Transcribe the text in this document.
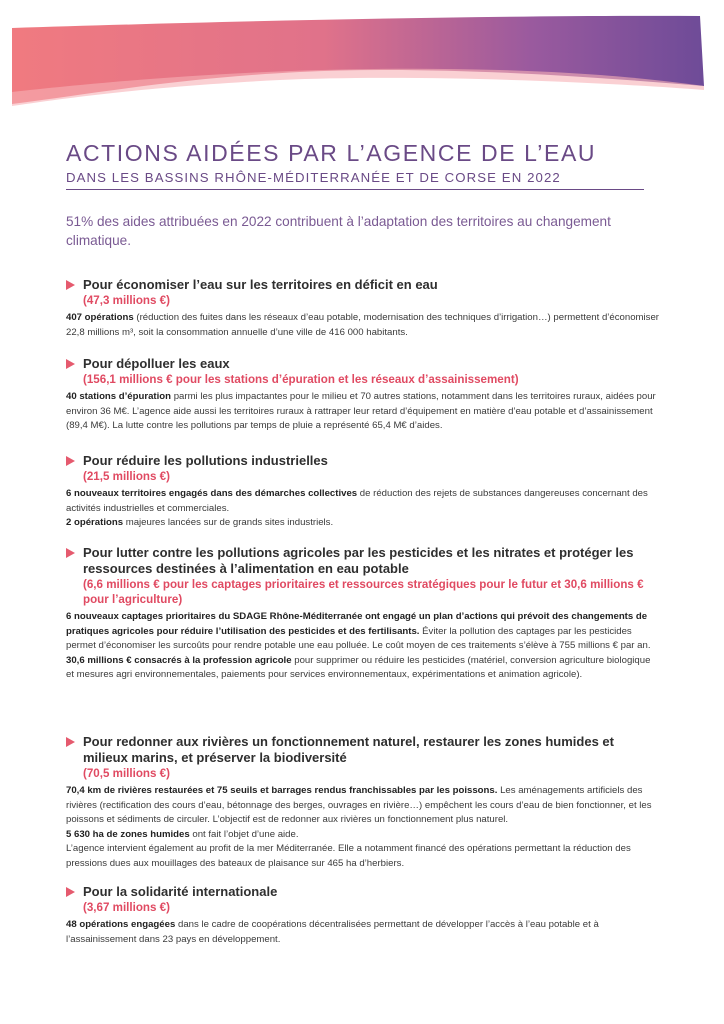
ACTIONS AIDÉES PAR L’AGENCE DE L’EAU
DANS LES BASSINS RHÔNE-MÉDITERRANÉE ET DE CORSE EN 2022
51% des aides attribuées en 2022 contribuent à l’adaptation des territoires au changement climatique.
Pour économiser l’eau sur les territoires en déficit en eau
(47,3 millions €)

407 opérations (réduction des fuites dans les réseaux d’eau potable, modernisation des techniques d’irrigation…) permettent d’économiser 22,8 millions m³, soit la consommation annuelle d’une ville de 416 000 habitants.

Pour dépolluer les eaux
(156,1 millions € pour les stations d’épuration et les réseaux d’assainissement)

40 stations d’épuration parmi les plus impactantes pour le milieu et 70 autres stations, notamment dans les territoires ruraux, aidées pour environ 36 M€. L’agence aide aussi les territoires ruraux à rattraper leur retard d’équipement en matière d’eau potable et d’assainissement (89,4 M€). La lutte contre les pollutions par temps de pluie a représenté 65,4 M€ d’aides.

Pour réduire les pollutions industrielles
(21,5 millions €)

6 nouveaux territoires engagés dans des démarches collectives de réduction des rejets de substances dangereuses concernant des activités industrielles et commerciales.

2 opérations majeures lancées sur de grands sites industriels.

Pour lutter contre les pollutions agricoles par les pesticides et les nitrates et protéger les ressources destinées à l’alimentation en eau potable
(6,6 millions € pour les captages prioritaires et ressources stratégiques pour le futur et 30,6 millions € pour l’agriculture)

6 nouveaux captages prioritaires du SDAGE Rhône-Méditerranée ont engagé un plan d’actions qui prévoit des changements de pratiques agricoles pour réduire l’utilisation des pesticides et des fertilisants. Éviter la pollution des captages par les pesticides permet d’économiser les surcoûts pour rendre potable une eau polluée. Le coût moyen de ces traitements s’élève à 755 millions € par an.

30,6 millions € consacrés à la profession agricole pour supprimer ou réduire les pesticides (matériel, conversion agriculture biologique et mesures agri environnementales, paiements pour services environnementaux, expérimentations et animation agricole).

Pour redonner aux rivières un fonctionnement naturel, restaurer les zones humides et milieux marins, et préserver la biodiversité
(70,5 millions €)

70,4 km de rivières restaurées et 75 seuils et barrages rendus franchissables par les poissons. Les aménagements artificiels des rivières (rectification des cours d’eau, bétonnage des berges, ouvrages en rivière…) empêchent les cours d’eau de bien fonctionner, et les poissons et sédiments de circuler. L’objectif est de redonner aux rivières un fonctionnement plus naturel.

5 630 ha de zones humides ont fait l’objet d’une aide.

L’agence intervient également au profit de la mer Méditerranée. Elle a notamment financé des opérations permettant la réduction des pressions dues aux mouillages des bateaux de plaisance sur 465 ha d’herbiers.

Pour la solidarité internationale
(3,67 millions €)

48 opérations engagées dans le cadre de coopérations décentralisées permettant de développer l’accès à l’eau potable et à l’assainissement dans 23 pays en développement.
